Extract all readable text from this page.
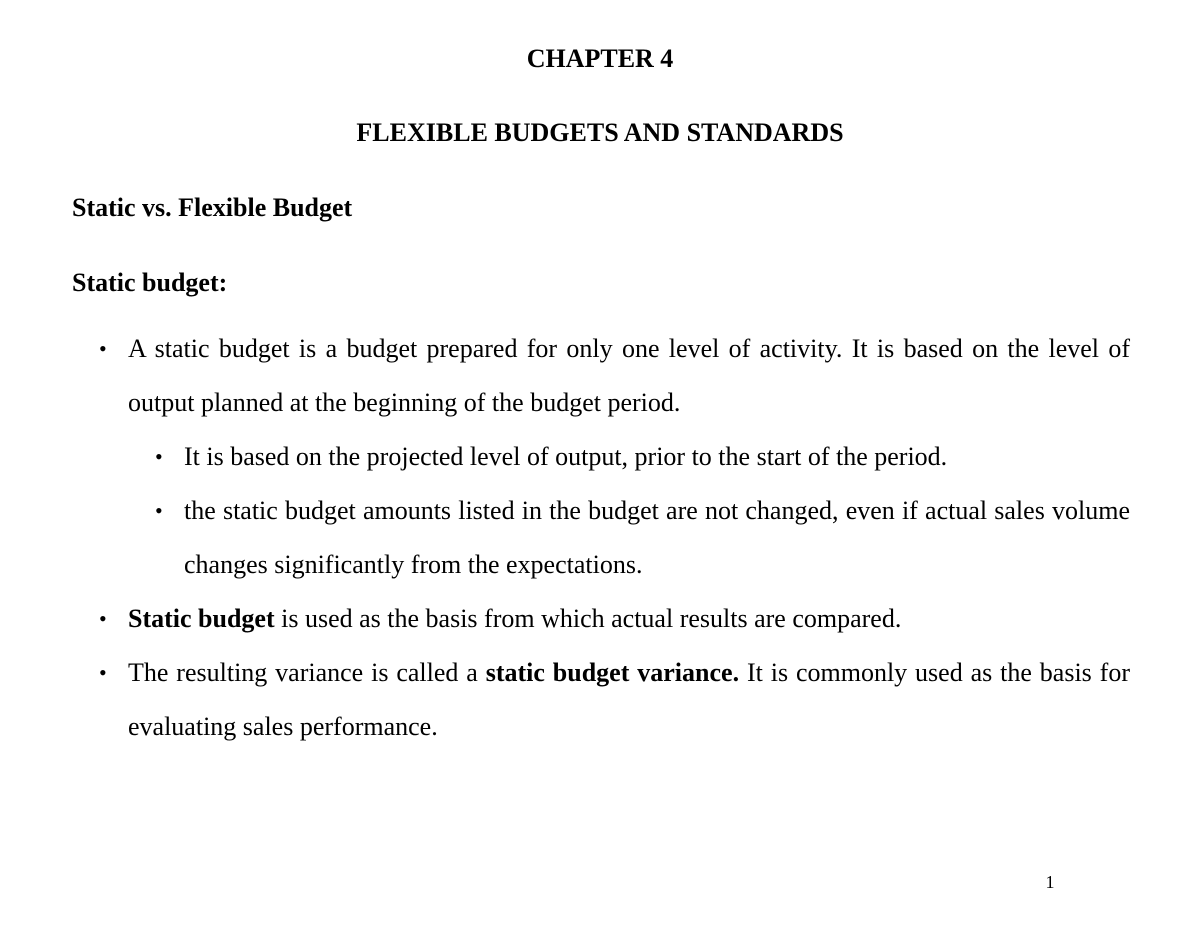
CHAPTER 4
FLEXIBLE BUDGETS AND STANDARDS
Static vs. Flexible Budget
Static budget:
• A static budget is a budget prepared for only one level of activity. It is based on the level of output planned at the beginning of the budget period.
• It is based on the projected level of output, prior to the start of the period.
• the static budget amounts listed in the budget are not changed, even if actual sales volume changes significantly from the expectations.
• Static budget is used as the basis from which actual results are compared.
• The resulting variance is called a static budget variance. It is commonly used as the basis for evaluating sales performance.
1
